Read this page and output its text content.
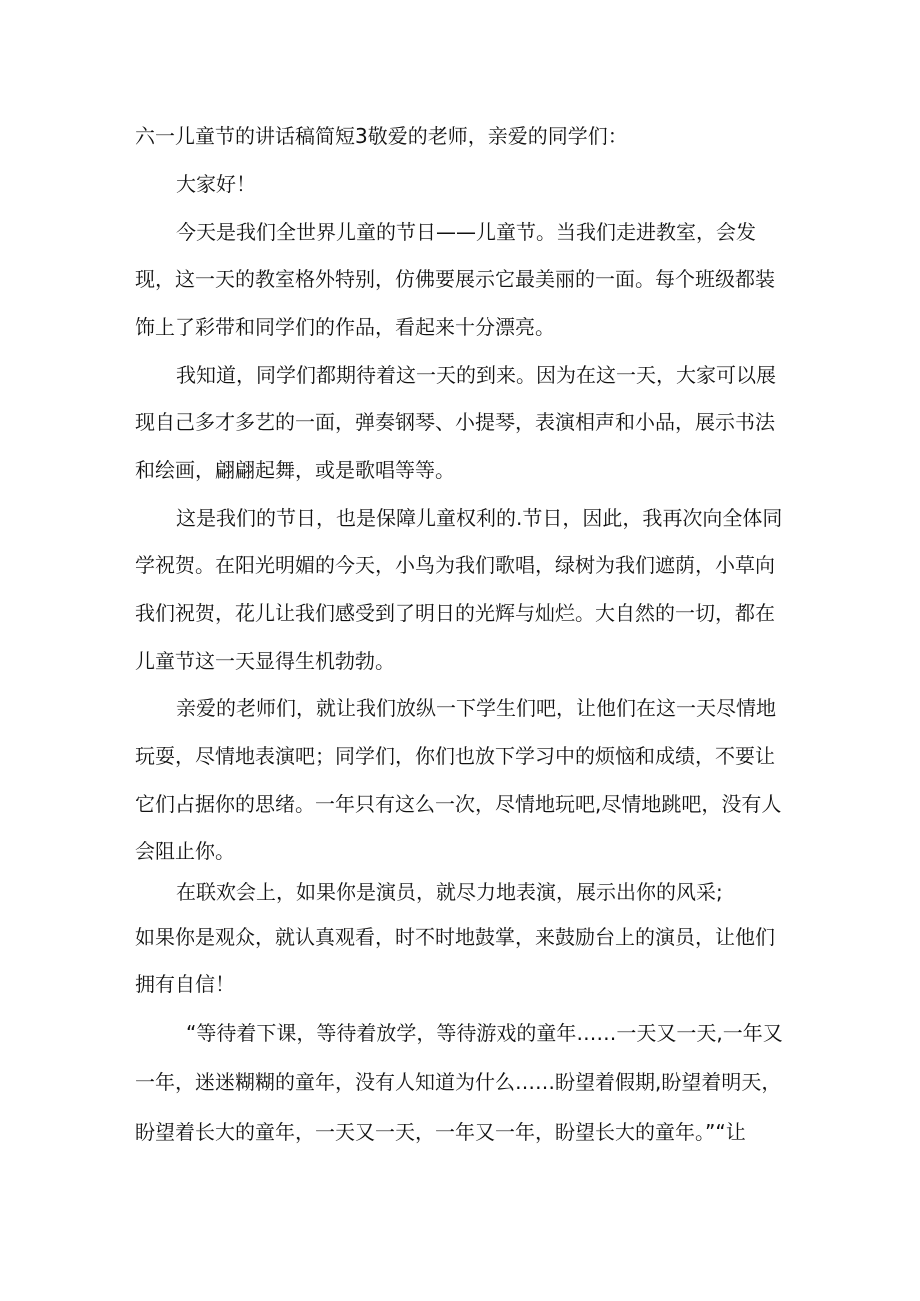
六一儿童节的讲话稿简短3敬爱的老师，亲爱的同学们：
大家好！
今天是我们全世界儿童的节日——儿童节。当我们走进教室，会发
现，这一天的教室格外特别，仿佛要展示它最美丽的一面。每个班级都装
饰上了彩带和同学们的作品，看起来十分漂亮。
我知道，同学们都期待着这一天的到来。因为在这一天，大家可以展
现自己多才多艺的一面，弹奏钢琴、小提琴，表演相声和小品，展示书法
和绘画，翩翩起舞，或是歌唱等等。
这是我们的节日，也是保障儿童权利的.节日，因此，我再次向全体同
学祝贺。在阳光明媚的今天，小鸟为我们歌唱，绿树为我们遮荫，小草向
我们祝贺，花儿让我们感受到了明日的光辉与灿烂。大自然的一切，都在
儿童节这一天显得生机勃勃。
亲爱的老师们，就让我们放纵一下学生们吧，让他们在这一天尽情地
玩耍，尽情地表演吧；同学们，你们也放下学习中的烦恼和成绩，不要让
它们占据你的思绪。一年只有这么一次，尽情地玩吧,尽情地跳吧，没有人
会阻止你。
在联欢会上，如果你是演员，就尽力地表演，展示出你的风采;
如果你是观众，就认真观看，时不时地鼓掌，来鼓励台上的演员，让他们
拥有自信！
“等待着下课，等待着放学，等待游戏的童年……一天又一天,一年又
一年，迷迷糊糊的童年，没有人知道为什么……盼望着假期,盼望着明天，
盼望着长大的童年，一天又一天，一年又一年，盼望长大的童年。”“让
